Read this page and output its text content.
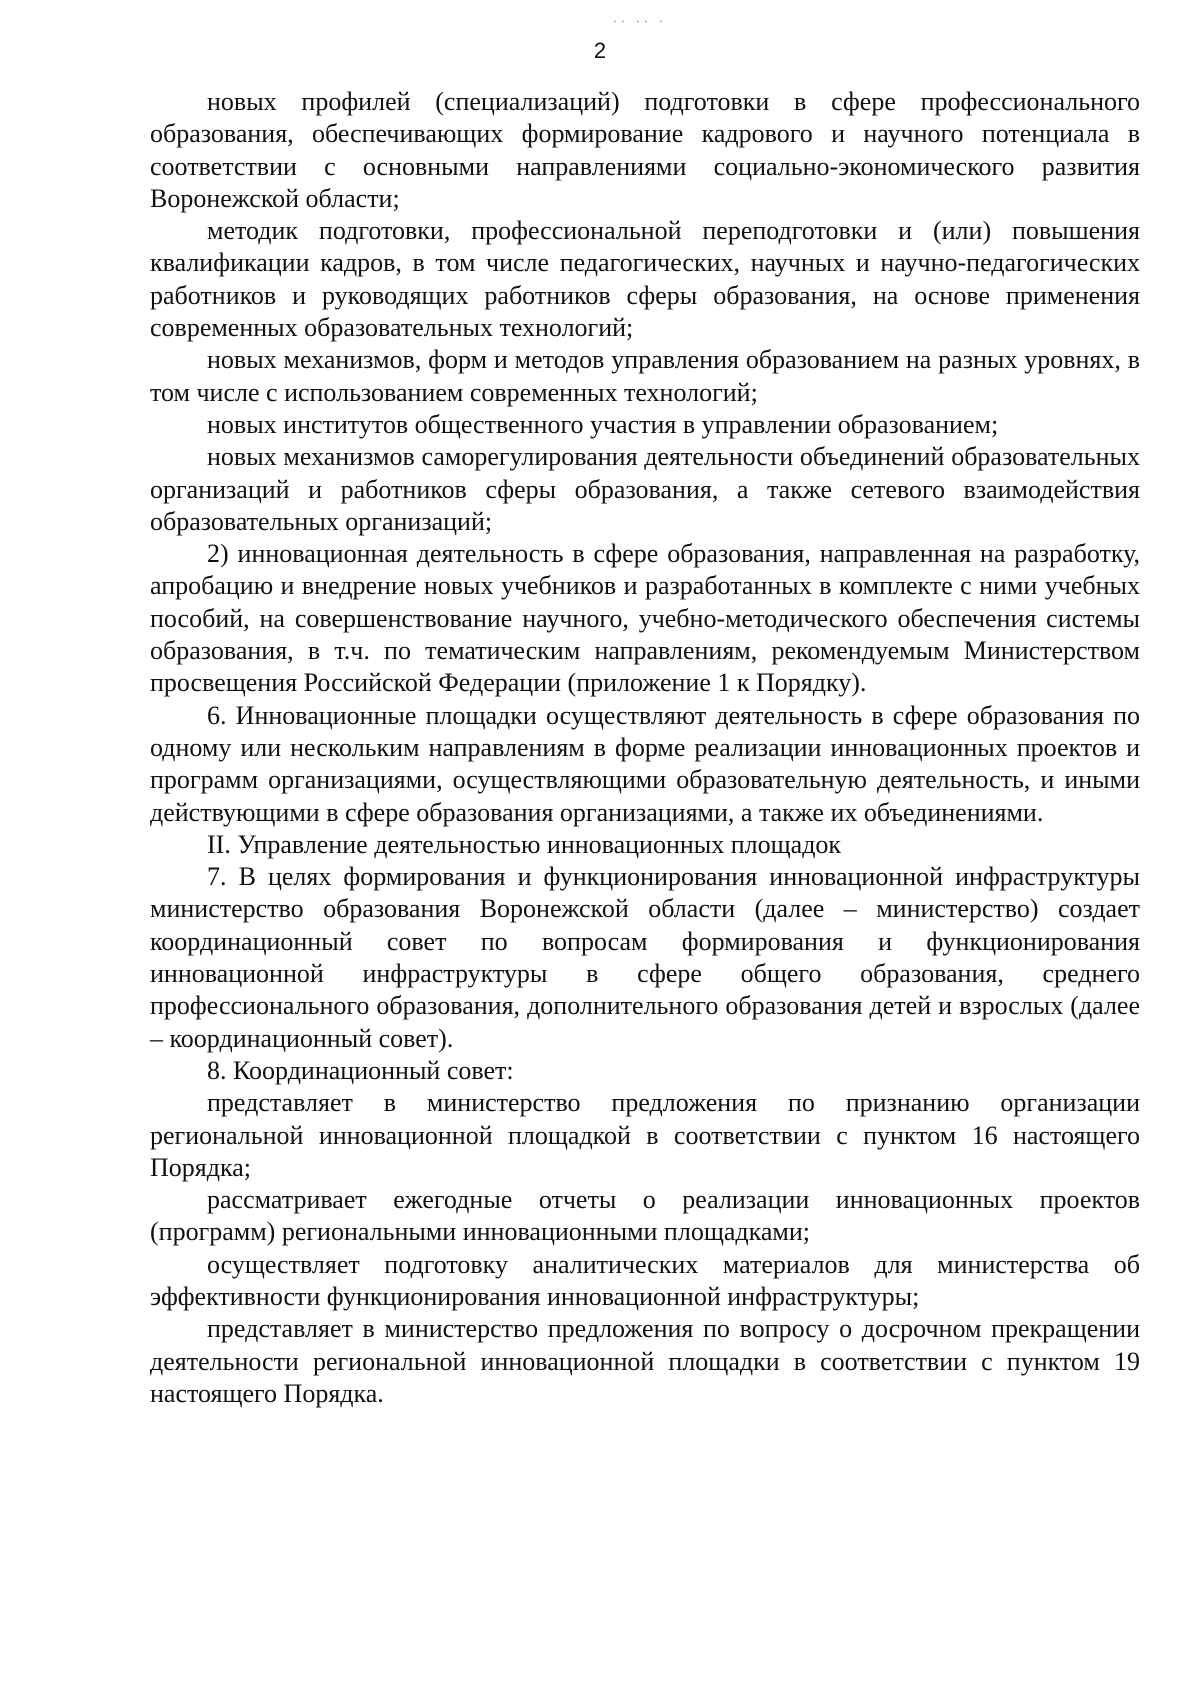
·· ·· ·
2

новых профилей (специализаций) подготовки в сфере профессионального образования, обеспечивающих формирование кадрового и научного потенциала в соответствии с основными направлениями социально-экономического развития Воронежской области;

методик подготовки, профессиональной переподготовки и (или) повышения квалификации кадров, в том числе педагогических, научных и научно-педагогических работников и руководящих работников сферы образования, на основе применения современных образовательных технологий;

новых механизмов, форм и методов управления образованием на разных уровнях, в том числе с использованием современных технологий;

новых институтов общественного участия в управлении образованием;

новых механизмов саморегулирования деятельности объединений образовательных организаций и работников сферы образования, а также сетевого взаимодействия образовательных организаций;

2) инновационная деятельность в сфере образования, направленная на разработку, апробацию и внедрение новых учебников и разработанных в комплекте с ними учебных пособий, на совершенствование научного, учебно-методического обеспечения системы образования, в т.ч. по тематическим направлениям, рекомендуемым Министерством просвещения Российской Федерации (приложение 1 к Порядку).

6. Инновационные площадки осуществляют деятельность в сфере образования по одному или нескольким направлениям в форме реализации инновационных проектов и программ организациями, осуществляющими образовательную деятельность, и иными действующими в сфере образования организациями, а также их объединениями.

II. Управление деятельностью инновационных площадок

7. В целях формирования и функционирования инновационной инфраструктуры министерство образования Воронежской области (далее – министерство) создает координационный совет по вопросам формирования и функционирования инновационной инфраструктуры в сфере общего образования, среднего профессионального образования, дополнительного образования детей и взрослых (далее – координационный совет).

8. Координационный совет:

представляет в министерство предложения по признанию организации региональной инновационной площадкой в соответствии с пунктом 16 настоящего Порядка;

рассматривает ежегодные отчеты о реализации инновационных проектов (программ) региональными инновационными площадками;

осуществляет подготовку аналитических материалов для министерства об эффективности функционирования инновационной инфраструктуры;

представляет в министерство предложения по вопросу о досрочном прекращении деятельности региональной инновационной площадки в соответствии с пунктом 19 настоящего Порядка.
